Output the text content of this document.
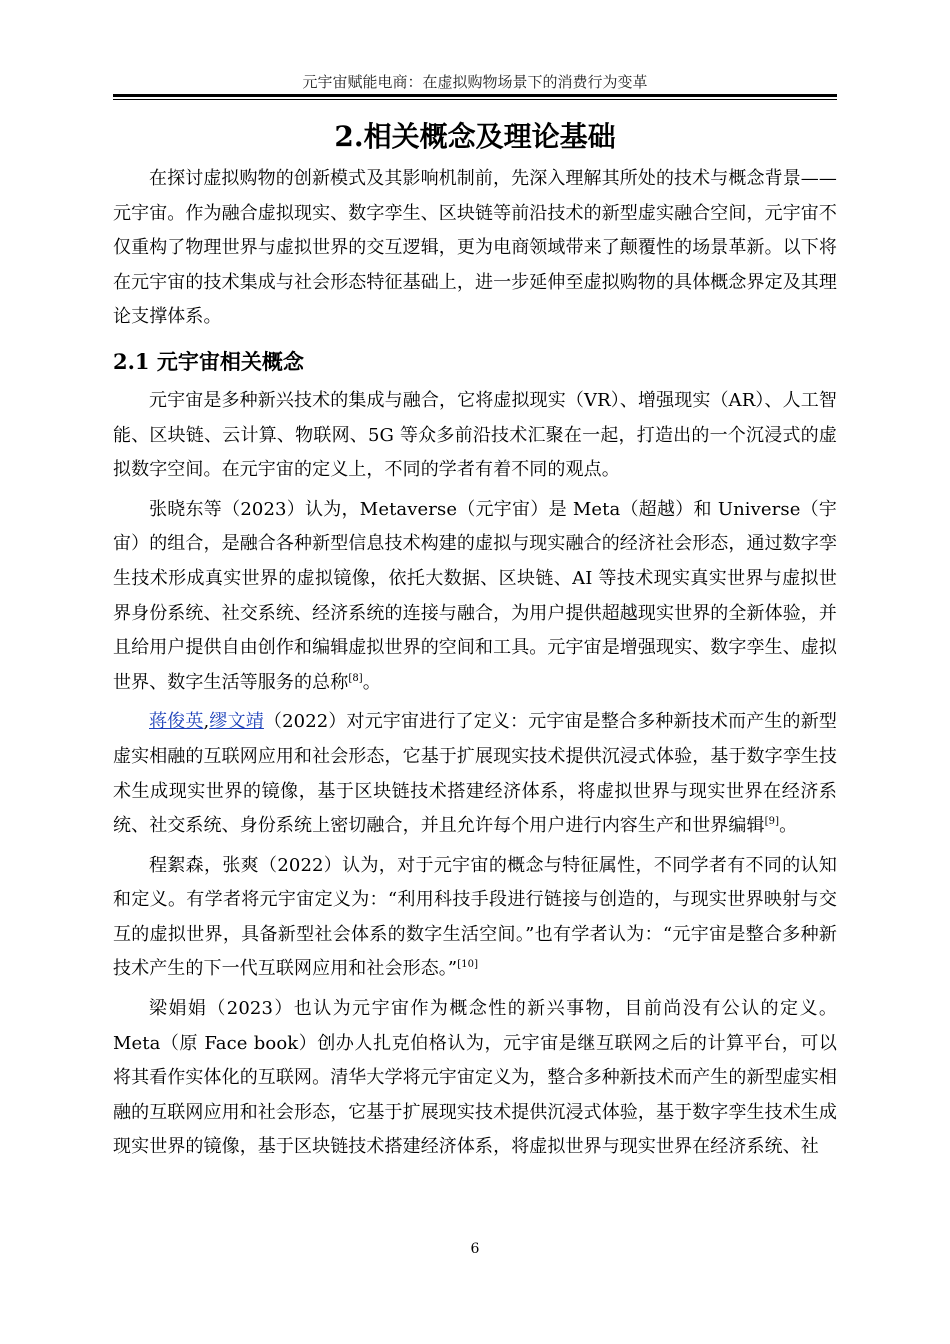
元宇宙赋能电商：在虚拟购物场景下的消费行为变革
2.相关概念及理论基础

在探讨虚拟购物的创新模式及其影响机制前，先深入理解其所处的技术与概念背景—— 元宇宙。作为融合虚拟现实、数字孪生、区块链等前沿技术的新型虚实融合空间，元宇宙不仅重构了物理世界与虚拟世界的交互逻辑，更为电商领域带来了颠覆性的场景革新。以下将在元宇宙的技术集成与社会形态特征基础上，进一步延伸至虚拟购物的具体概念界定及其理论支撑体系。

2.1 元宇宙相关概念

元宇宙是多种新兴技术的集成与融合，它将虚拟现实（VR）、增强现实（AR）、人工智能、区块链、云计算、物联网、5G 等众多前沿技术汇聚在一起，打造出的一个沉浸式的虚拟数字空间。在元宇宙的定义上，不同的学者有着不同的观点。

张晓东等（2023）认为，Metaverse（元宇宙）是 Meta（超越）和 Universe（宇宙）的组合，是融合各种新型信息技术构建的虚拟与现实融合的经济社会形态，通过数字孪生技术形成真实世界的虚拟镜像，依托大数据、区块链、AI 等技术现实真实世界与虚拟世界身份系统、社交系统、经济系统的连接与融合，为用户提供超越现实世界的全新体验，并且给用户提供自由创作和编辑虚拟世界的空间和工具。元宇宙是增强现实、数字孪生、虚拟世界、数字生活等服务的总称[8]。

蒋俊英,缪文靖（2022）对元宇宙进行了定义：元宇宙是整合多种新技术而产生的新型虚实相融的互联网应用和社会形态，它基于扩展现实技术提供沉浸式体验，基于数字孪生技术生成现实世界的镜像，基于区块链技术搭建经济体系，将虚拟世界与现实世界在经济系统、社交系统、身份系统上密切融合，并且允许每个用户进行内容生产和世界编辑[9]。

程絮森，张爽（2022）认为，对于元宇宙的概念与特征属性，不同学者有不同的认知和定义。有学者将元宇宙定义为：“利用科技手段进行链接与创造的，与现实世界映射与交互的虚拟世界，具备新型社会体系的数字生活空间。”也有学者认为：“元宇宙是整合多种新技术产生的下一代互联网应用和社会形态。”[10]

梁娟娟（2023）也认为元宇宙作为概念性的新兴事物，目前尚没有公认的定义。Meta（原 Face book）创办人扎克伯格认为，元宇宙是继互联网之后的计算平台，可以将其看作实体化的互联网。清华大学将元宇宙定义为，整合多种新技术而产生的新型虚实相融的互联网应用和社会形态，它基于扩展现实技术提供沉浸式体验，基于数字孪生技术生成现实世界的镜像，基于区块链技术搭建经济体系，将虚拟世界与现实世界在经济系统、社

6
